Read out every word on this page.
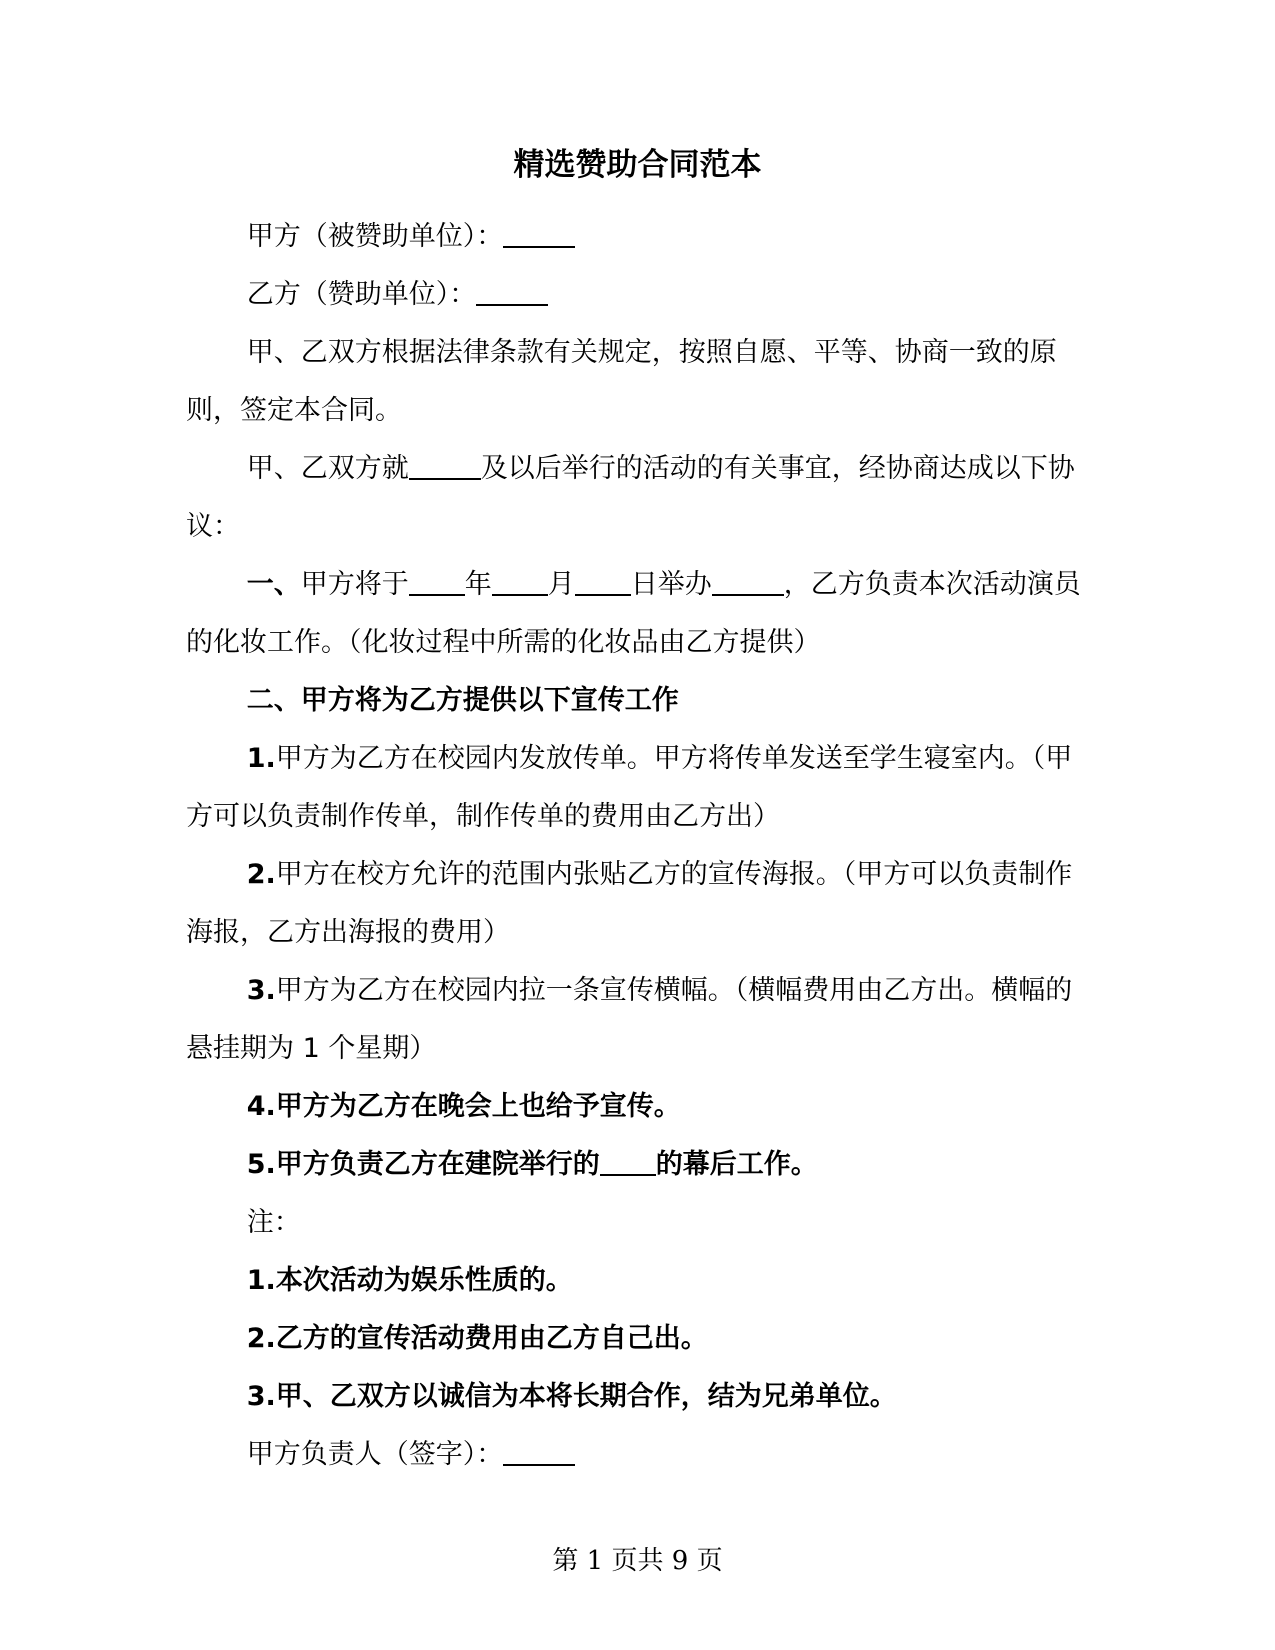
精选赞助合同范本

甲方（被赞助单位）：

乙方（赞助单位）：

甲、乙双方根据法律条款有关规定，按照自愿、平等、协商一致的原则，签定本合同。

甲、乙双方就	及以后举行的活动的有关事宜，经协商达成以下协议：

一、甲方将于 年 月 日举办	，乙方负责本次活动演员的化妆工作。（化妆过程中所需的化妆品由乙方提供）

二、甲方将为乙方提供以下宣传工作

1.甲方为乙方在校园内发放传单。甲方将传单发送至学生寝室内。（甲方可以负责制作传单，制作传单的费用由乙方出）

2.甲方在校方允许的范围内张贴乙方的宣传海报。（甲方可以负责制作海报，乙方出海报的费用）

3.甲方为乙方在校园内拉一条宣传横幅。（横幅费用由乙方出。横幅的悬挂期为 1 个星期）

4.甲方为乙方在晚会上也给予宣传。

5.甲方负责乙方在建院举行的 的幕后工作。

注：

1.本次活动为娱乐性质的。

2.乙方的宣传活动费用由乙方自己出。

3.甲、乙双方以诚信为本将长期合作，结为兄弟单位。

甲方负责人（签字）：

第 1 页共 9 页
